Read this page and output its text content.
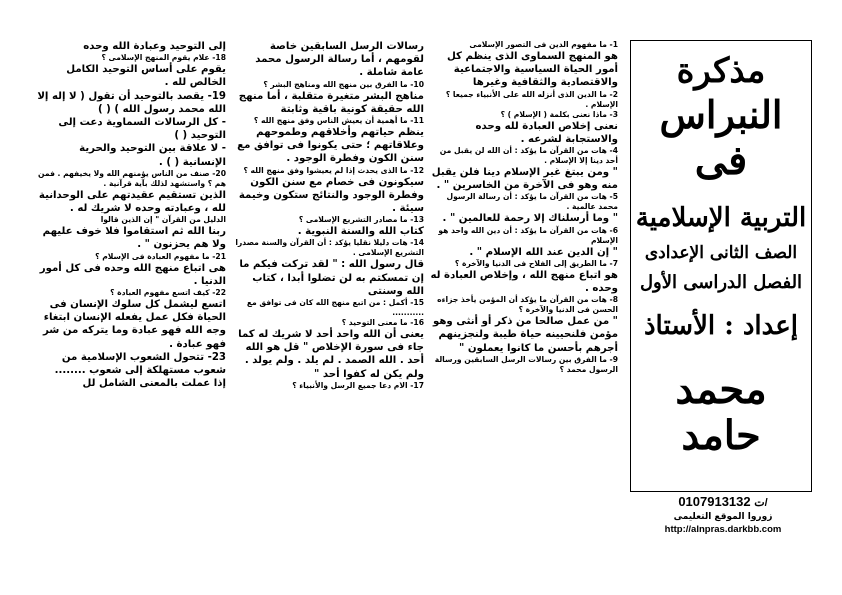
إلى التوحيد وعبادة الله وحده

18- علام يقوم المنهج الإسلامى ؟

يقوم على أساس التوحيد الكامل الخالص لله .

19- يقصد بالتوحيد أن تقول ( لا إله إلا الله محمد رسول الله ) ( )

- كل الرسالات السماوية دعت إلى التوحيد ( )

- لا علاقة بين التوحيد والحرية الإنسانية ( ) .

20- صنف من الناس يؤمنهم الله ولا يخيفهم . فمن هم ؟ واستشهد لذلك بآية قرآنية .

الذين تستقيم عقيدتهم على الوحدانية لله ، وعبادته وحده لا شريك له .

الدليل من القرآن " إن الذين قالوا

ربنا الله ثم استقاموا فلا خوف عليهم ولا هم يحزنون " .

21- ما مفهوم العبادة فى الإسلام ؟

هى اتباع منهج الله وحده فى كل أمور الدنيا .

22- كيف اتسع مفهوم العبادة ؟

اتسع ليشمل كل سلوك الإنسان فى الحياة فكل عمل يفعله الإنسان ابتغاء وجه الله فهو عبادة وما يتركه من شر فهو عبادة .

23- تتحول الشعوب الإسلامية من شعوب مستهلكة إلى شعوب ........

إذا عملت بالمعنى الشامل لل

رسالات الرسل السابقين خاصة لقومهم ، أما رسالة الرسول محمد عامة شاملة .

10- ما الفرق بين منهج الله ومناهج البشر ؟

مناهج البشر متغيرة متقلبة ، أما منهج الله حقيقة كونية باقية وثابتة

11- ما أهمية أن يعيش الناس وفق منهج الله ؟

ينظم حياتهم وأخلاقهم وطموحهم وعلاقاتهم ؛ حتى يكونوا فى توافق مع سنن الكون وفطرة الوجود .

12- ما الذى يحدث إذا لم يعيشوا وفق منهج الله ؟

سيكونون فى خصام مع سنن الكون وفطرة الوجود والنتائج ستكون وخيمة سيئة .

13- ما مصادر التشريع الإسلامى ؟

كتاب الله والسنة النبوية .

14- هات دليلا نقليا يؤكد : أن القرآن والسنة مصدرا التشريع الإسلامى .

قال رسول الله : " لقد تركت فيكم ما إن تمسكتم به لن تضلوا أبدا ، كتاب الله وسنتى

15- أكمل : من اتبع منهج الله كان فى توافق مع ...........

16- ما معنى التوحيد ؟

يعنى أن الله واحد أحد لا شريك له كما جاء فى سورة الإخلاص " قل هو الله أحد . الله الصمد . لم يلد . ولم يولد . ولم يكن له كفوا أحد "

17- الام دعا جميع الرسل والأنبياء ؟

1- ما مفهوم الدين فى التصور الإسلامى

هو المنهج السماوى الذى ينظم كل أمور الحياة السياسية والاجتماعية والاقتصادية والثقافية وغيرها

2- ما الدين الذى أنزله الله على الأنبياء جميعا ؟ الإسلام .

3- ماذا نعنى بكلمة ( الإسلام ) ؟

نعنى إخلاص العبادة لله وحده والاستجابة لشرعه .

4- هات من القرآن ما يؤكد : أن الله لن يقبل من أحد دينا إلا الإسلام .

" ومن يبتغ غير الإسلام دينا فلن يقبل منه وهو فى الآخرة من الخاسرين " .

5- هات من القرآن ما يؤكد : أن رسالة الرسول محمد عالمية .

" وما أرسلناك إلا رحمة للعالمين " .

6- هات من القرآن ما يؤكد : أن دين الله واحد هو الإسلام

" إن الدين عند الله الإسلام " .

7- ما الطريق إلى الفلاح فى الدنيا والآخرة ؟

هو اتباع منهج الله ، وإخلاص العبادة له وحده .

8- هات من القرآن ما يؤكد أن المؤمن يأخذ جزاءه الحسن فى الدنيا والآخرة ؟

" من عمل صالحا من ذكر أو أنثى وهو مؤمن فلنحيينه حياة طيبة ولنجزينهم أجرهم بأحسن ما كانوا يعملون "

9- ما الفرق بين رسالات الرسل السابقين ورسالة الرسول محمد ؟

مذكرة
النبراس
فى
التربية الإسلامية
الصف الثانى الإعدادى
الفصل الدراسى الأول
إعداد : الأستاذ
محمد حامد
0107913132 ت/
زوروا الموقع التعليمى
http://alnpras.darkbb.com
